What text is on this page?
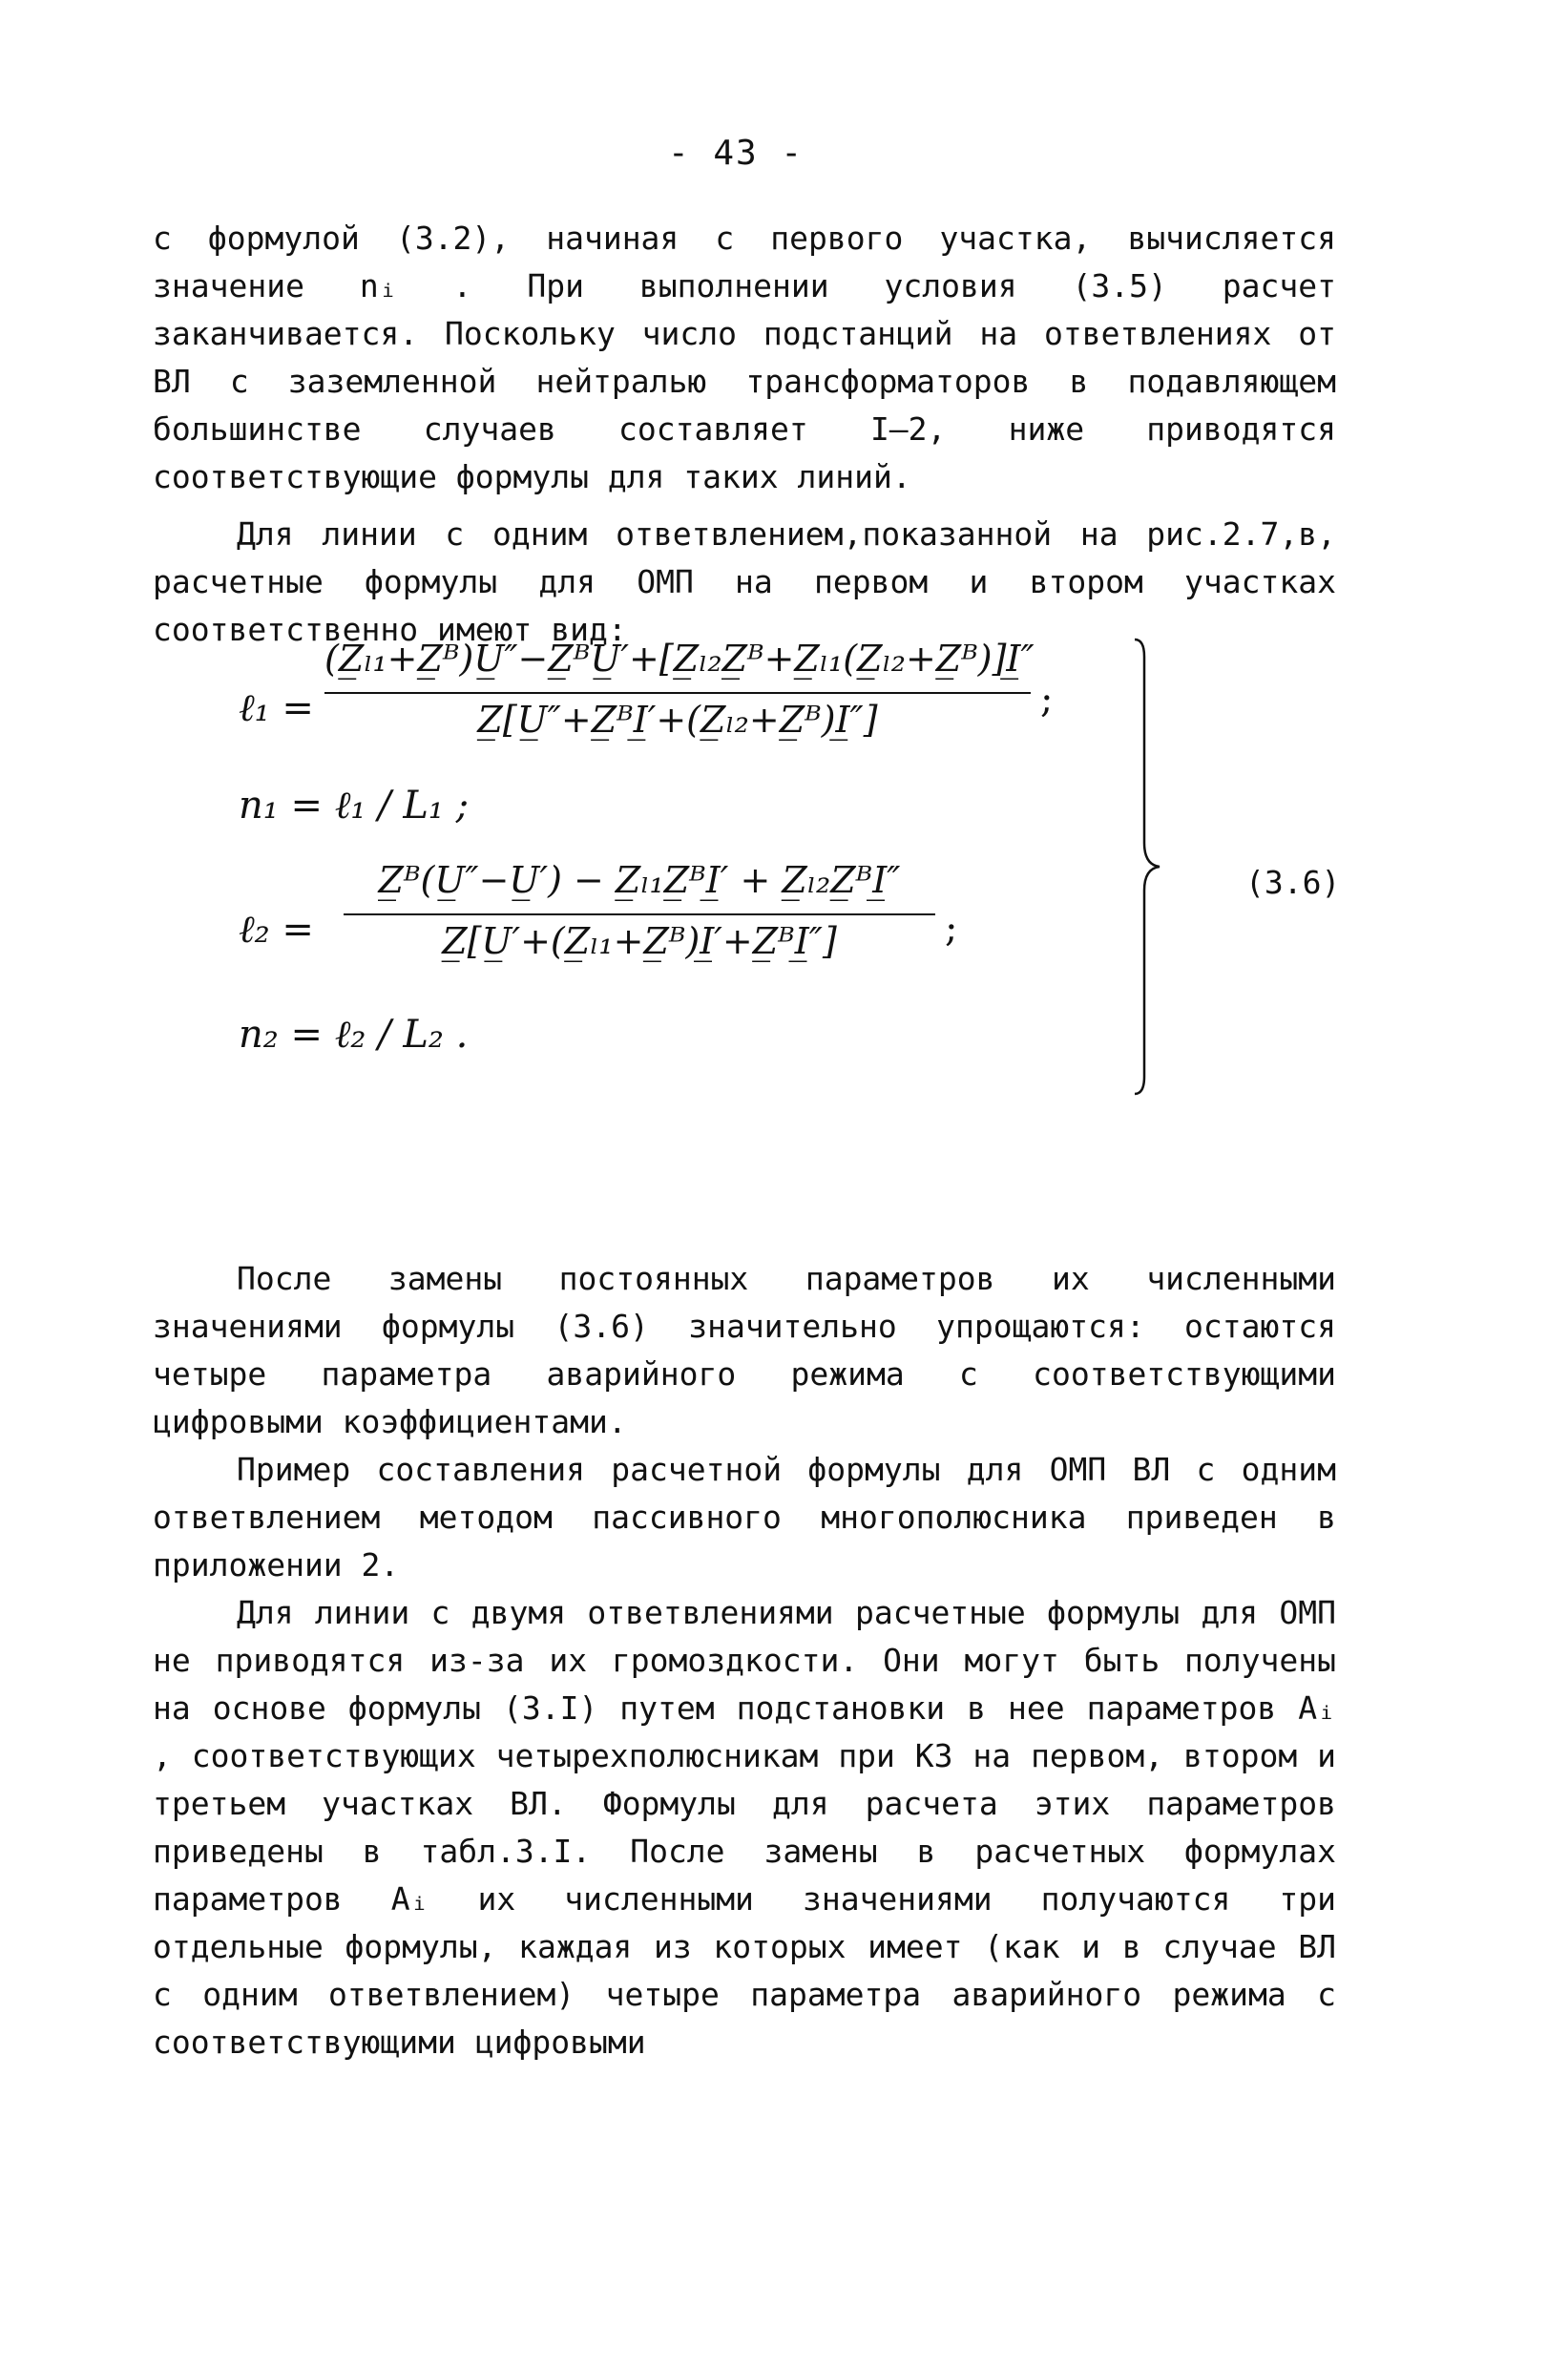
- 43 -

с формулой (3.2), начиная с первого участка, вычисляется значение nᵢ . При выполнении условия (3.5) расчет заканчивается. Поскольку число подстанций на ответвлениях от ВЛ с заземленной нейтралью трансформаторов в подавляющем большинстве случаев составляет I–2, ниже приводятся соответствующие формулы для таких линий.

Для линии с одним ответвлением,показанной на рис.2.7,в, расчетные формулы для ОМП на первом и втором участках соответственно имеют вид:

ℓ₁ =
(Z̲ₗ₁+Z̲ᴮ)U̲″−Z̲ᴮU̲′+[Z̲ₗ₂Z̲ᴮ+Z̲ₗ₁(Z̲ₗ₂+Z̲ᴮ)]I̲″
Z̲[U̲″+Z̲ᴮI̲′+(Z̲ₗ₂+Z̲ᴮ)I̲″]	;
n₁ = ℓ₁ / L₁ ;
ℓ₂ =
Z̲ᴮ(U̲″−U̲′) − Z̲ₗ₁Z̲ᴮI̲′ + Z̲ₗ₂Z̲ᴮI̲″
Z̲[U̲′+(Z̲ₗ₁+Z̲ᴮ)I̲′+Z̲ᴮI̲″]	;
n₂ = ℓ₂ / L₂ .
(3.6)

После замены постоянных параметров их численными значениями формулы (3.6) значительно упрощаются: остаются четыре параметра аварийного режима с соответствующими цифровыми коэффициентами.

Пример составления расчетной формулы для ОМП ВЛ с одним ответвлением методом пассивного многополюсника приведен в приложении 2.

Для линии с двумя ответвлениями расчетные формулы для ОМП не приводятся из-за их громоздкости. Они могут быть получены на основе формулы (3.I) путем подстановки в нее параметров Aᵢ , соответствующих четырехполюсникам при КЗ на первом, втором и третьем участках ВЛ. Формулы для расчета этих параметров приведены в табл.3.I. После замены в расчетных формулах параметров Aᵢ их численными значениями получаются три отдельные формулы, каждая из которых имеет (как и в случае ВЛ с одним ответвлением) четыре параметра аварийного режима с соответствующими цифровыми
